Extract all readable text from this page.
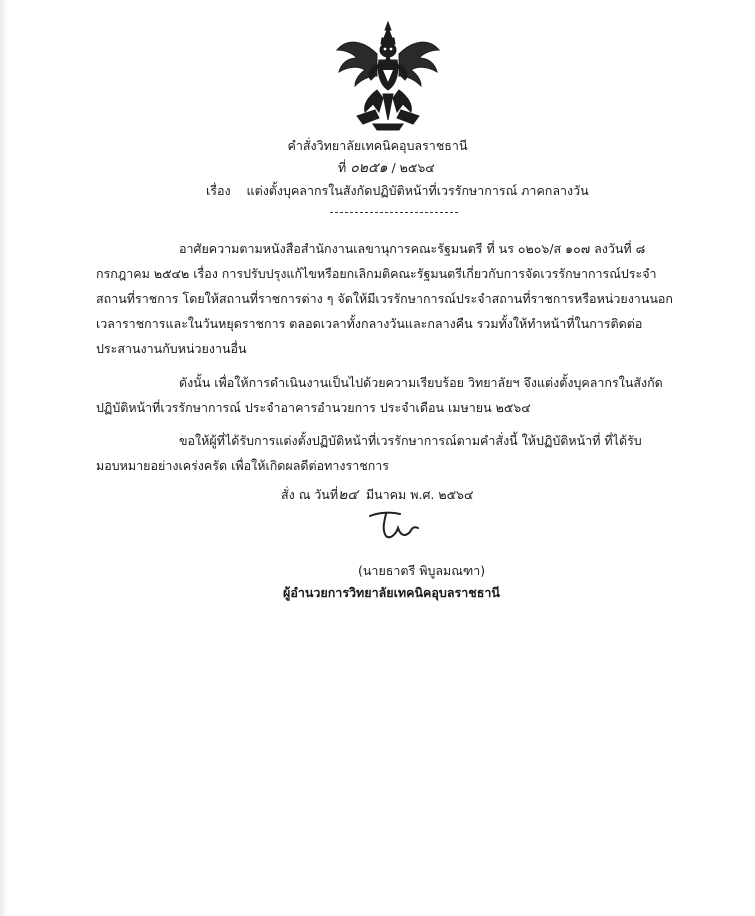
คำสั่งวิทยาลัยเทคนิคอุบลราชธานี
ที่ ๐๒๕๑ / ๒๕๖๔
เรื่อง แต่งตั้งบุคลากรในสังกัดปฏิบัติหน้าที่เวรรักษาการณ์ ภาคกลางวัน
อาศัยความตามหนังสือสำนักงานเลขานุการคณะรัฐมนตรี ที่ นร ๐๒๐๖/ส ๑๐๗ ลงวันที่ ๘
กรกฎาคม ๒๕๔๒ เรื่อง การปรับปรุงแก้ไขหรือยกเลิกมติคณะรัฐมนตรีเกี่ยวกับการจัดเวรรักษาการณ์ประจำ
สถานที่ราชการ โดยให้สถานที่ราชการต่าง ๆ จัดให้มีเวรรักษาการณ์ประจำสถานที่ราชการหรือหน่วยงานนอก
เวลาราชการและในวันหยุดราชการ ตลอดเวลาทั้งกลางวันและกลางคืน รวมทั้งให้ทำหน้าที่ในการติดต่อ
ประสานงานกับหน่วยงานอื่น
ดังนั้น เพื่อให้การดำเนินงานเป็นไปด้วยความเรียบร้อย วิทยาลัยฯ จึงแต่งตั้งบุคลากรในสังกัด
ปฏิบัติหน้าที่เวรรักษาการณ์ ประจำอาคารอำนวยการ ประจำเดือน เมษายน ๒๕๖๔
ขอให้ผู้ที่ได้รับการแต่งตั้งปฏิบัติหน้าที่เวรรักษาการณ์ตามคำสั่งนี้ ให้ปฏิบัติหน้าที่ ที่ได้รับ
มอบหมายอย่างเคร่งครัด เพื่อให้เกิดผลดีต่อทางราชการ
สั่ง ณ วันที่๒๔ มีนาคม พ.ศ. ๒๕๖๔
(นายธาตรี พิบูลมณฑา)
ผู้อำนวยการวิทยาลัยเทคนิคอุบลราชธานี
